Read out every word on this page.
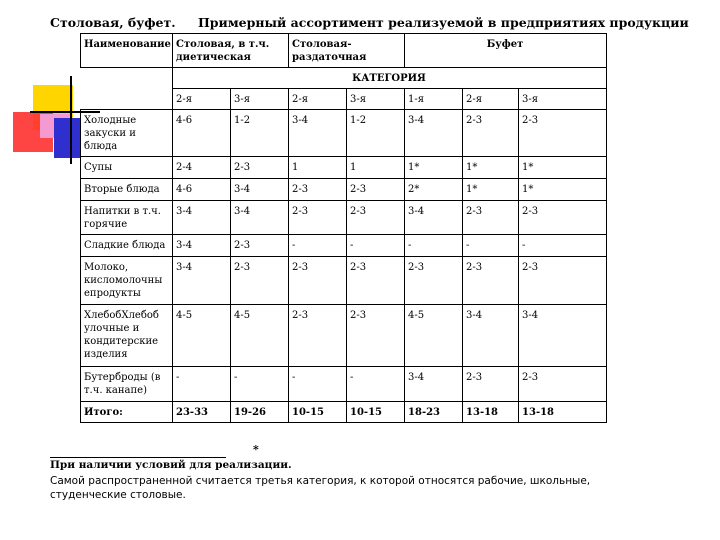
Столовая, буфет. Примерный ассортимент реализуемой в предприятиях продукции
Наименование	Столовая, в т.ч. диетическая		Столовая-раздаточная		Буфет		
	КАТЕГОРИЯ						
	2-я	3-я	2-я	3-я	1-я	2-я	3-я
Холодные закуски и блюда	4-6	1-2	3-4	1-2	3-4	2-3	2-3
Супы	2-4	2-3	1	1	1*	1*	1*
Вторые блюда	4-6	3-4	2-3	2-3	2*	1*	1*
Напитки в т.ч. горячие	3-4	3-4	2-3	2-3	3-4	2-3	2-3
Сладкие блюда	3-4	2-3	-	-	-	-	-
Молоко, кисломолочны епродукты	3-4	2-3	2-3	2-3	2-3	2-3	2-3
ХлебобХлебоб улочные и кондитерские изделия	4-5	4-5	2-3	2-3	4-5	3-4	3-4
Бутерброды (в т.ч. канапе)	-	-	-	-	3-4	2-3	2-3
Итого:	23-33	19-26	10-15	10-15	18-23	13-18	13-18
*
При наличии условий для реализации.
Самой распространенной считается третья категория, к которой относятся рабочие, школьные, студенческие столовые.
